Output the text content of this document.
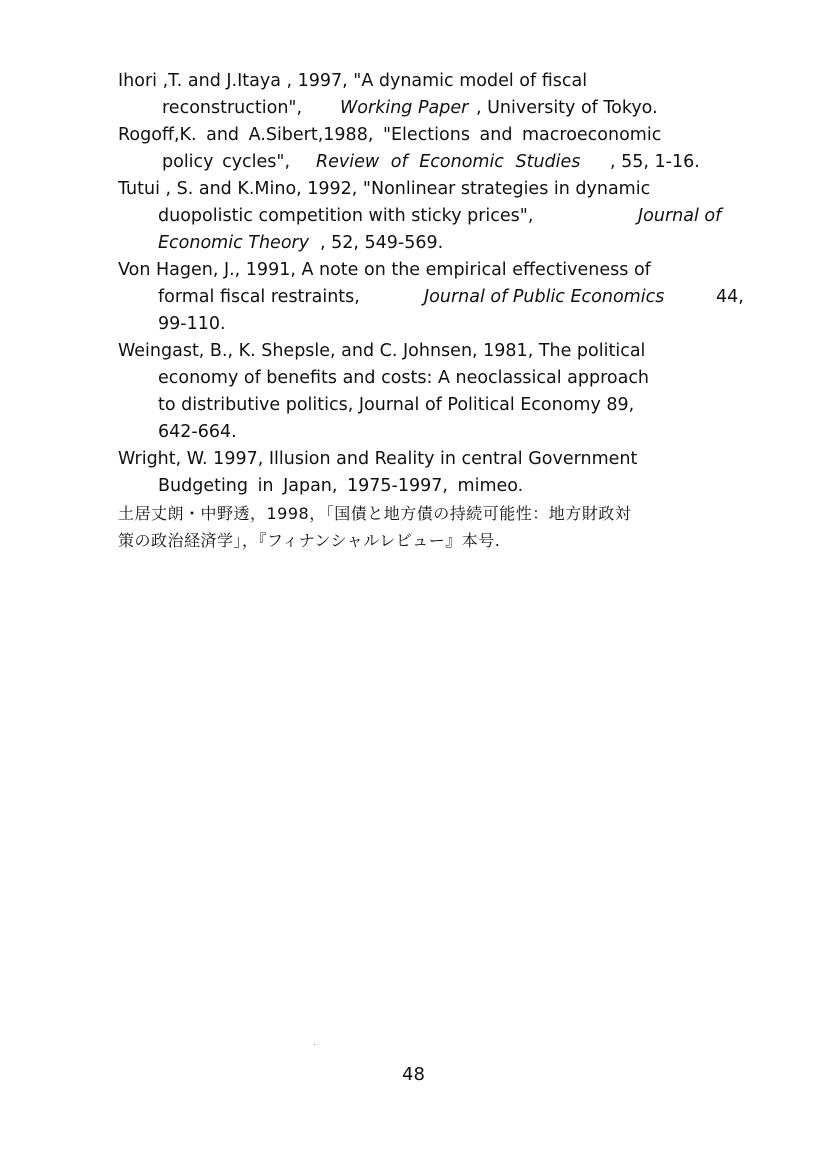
Ihori ,T. and J.Itaya , 1997, "A dynamic model of fiscal
reconstruction", Working Paper , University of Tokyo.
Rogoff,K. and A.Sibert,1988, "Elections and macroeconomic
policy cycles", Review of Economic Studies , 55, 1-16.
Tutui , S. and K.Mino, 1992, "Nonlinear strategies in dynamic
duopolistic competition with sticky prices",	Journal of
Economic Theory , 52, 549-569.
Von Hagen, J., 1991, A note on the empirical effectiveness of
formal fiscal restraints,	Journal of Public Economics	44,
99-110.
Weingast, B., K. Shepsle, and C. Johnsen, 1981, The political
economy of benefits and costs: A neoclassical approach
to distributive politics, Journal of Political Economy 89,
642-664.
Wright, W. 1997, Illusion and Reality in central Government
Budgeting in Japan, 1975-1997, mimeo.
土居丈朗・中野透，1998，「国債と地方債の持続可能性：地方財政対
策の政治経済学」，『フィナンシャルレビュー』本号.
48
